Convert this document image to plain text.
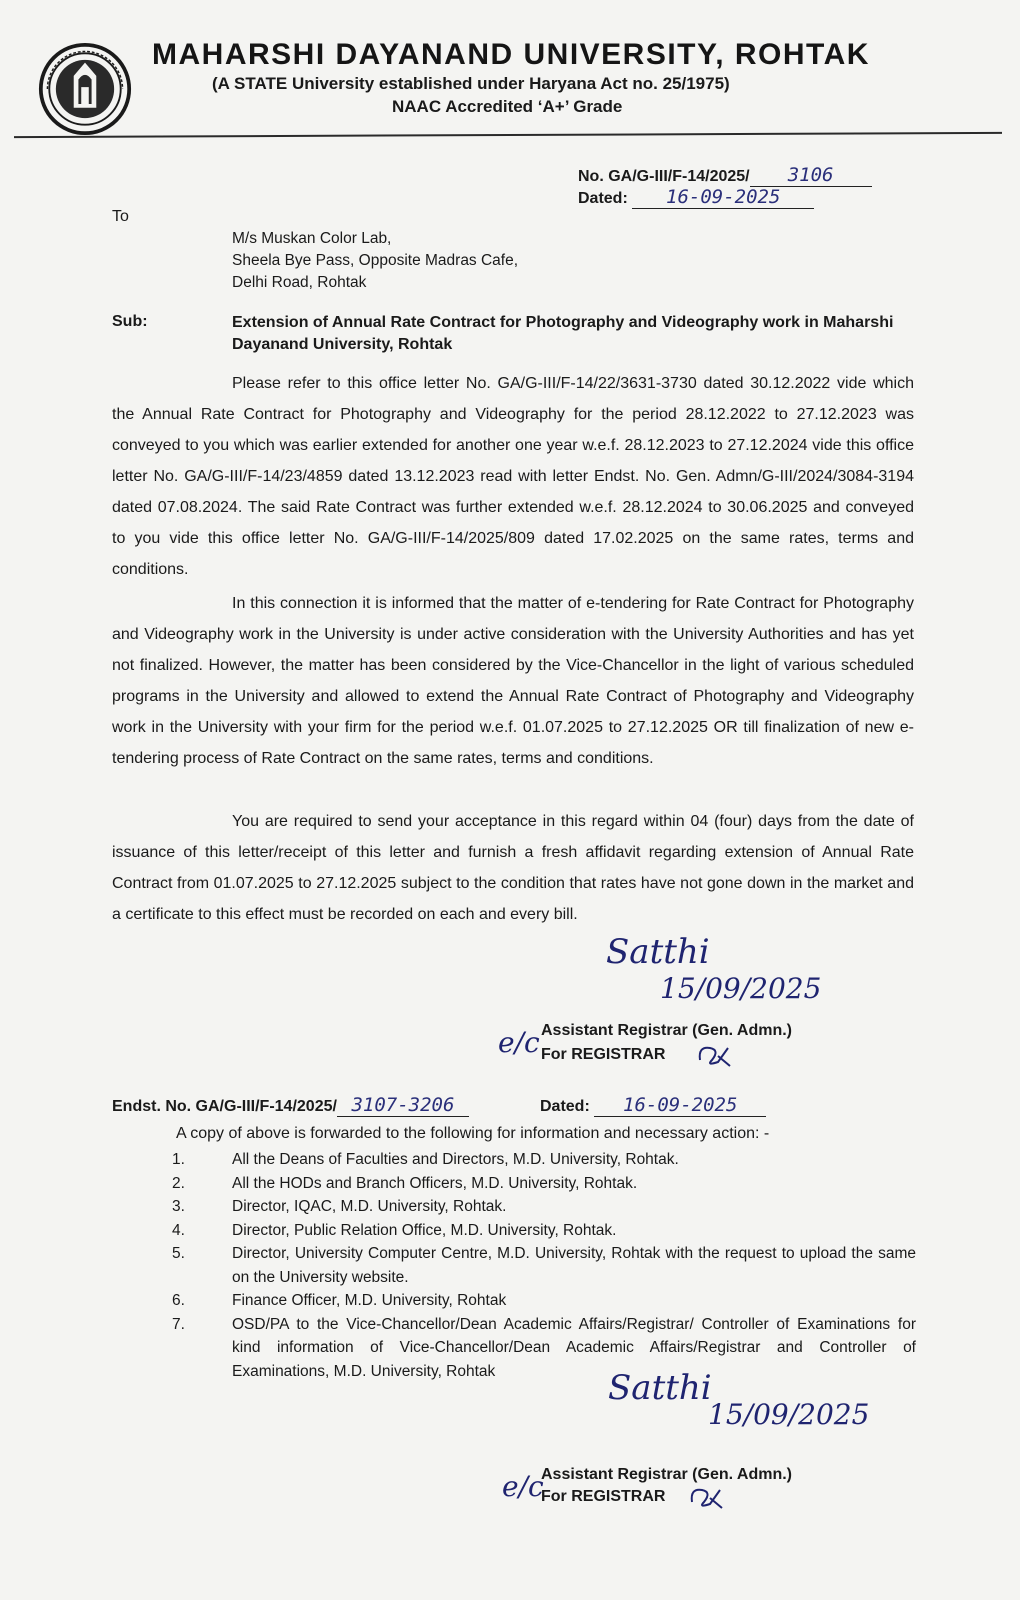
MAHARSHI DAYANAND UNIVERSITY, ROHTAK
(A STATE University established under Haryana Act no. 25/1975)
NAAC Accredited ‘A+’ Grade
No. GA/G-III/F-14/2025/ 3106
Dated: 16-09-2025
To
M/s Muskan Color Lab,
Sheela Bye Pass, Opposite Madras Cafe,
Delhi Road, Rohtak
Sub:	Extension of Annual Rate Contract for Photography and Videography work in Maharshi Dayanand University, Rohtak
Please refer to this office letter No. GA/G-III/F-14/22/3631-3730 dated 30.12.2022 vide which the Annual Rate Contract for Photography and Videography for the period 28.12.2022 to 27.12.2023 was conveyed to you which was earlier extended for another one year w.e.f. 28.12.2023 to 27.12.2024 vide this office letter No. GA/G-III/F-14/23/4859 dated 13.12.2023 read with letter Endst. No. Gen. Admn/G-III/2024/3084-3194 dated 07.08.2024. The said Rate Contract was further extended w.e.f. 28.12.2024 to 30.06.2025 and conveyed to you vide this office letter No. GA/G-III/F-14/2025/809 dated 17.02.2025 on the same rates, terms and conditions.
In this connection it is informed that the matter of e-tendering for Rate Contract for Photography and Videography work in the University is under active consideration with the University Authorities and has yet not finalized. However, the matter has been considered by the Vice-Chancellor in the light of various scheduled programs in the University and allowed to extend the Annual Rate Contract of Photography and Videography work in the University with your firm for the period w.e.f. 01.07.2025 to 27.12.2025 OR till finalization of new e-tendering process of Rate Contract on the same rates, terms and conditions.
You are required to send your acceptance in this regard within 04 (four) days from the date of issuance of this letter/receipt of this letter and furnish a fresh affidavit regarding extension of Annual Rate Contract from 01.07.2025 to 27.12.2025 subject to the condition that rates have not gone down in the market and a certificate to this effect must be recorded on each and every bill.
Satthi
15/09/2025
e/c Assistant Registrar (Gen. Admn.)
For REGISTRAR
Endst. No. GA/G-III/F-14/2025/ 3107-3206	Dated: 16-09-2025
A copy of above is forwarded to the following for information and necessary action: -
1.	All the Deans of Faculties and Directors, M.D. University, Rohtak.
2.	All the HODs and Branch Officers, M.D. University, Rohtak.
3.	Director, IQAC, M.D. University, Rohtak.
4.	Director, Public Relation Office, M.D. University, Rohtak.
5.	Director, University Computer Centre, M.D. University, Rohtak with the request to upload the same on the University website.
6.	Finance Officer, M.D. University, Rohtak
7.	OSD/PA to the Vice-Chancellor/Dean Academic Affairs/Registrar/ Controller of Examinations for kind information of Vice-Chancellor/Dean Academic Affairs/Registrar and Controller of Examinations, M.D. University, Rohtak	Satthi
15/09/2025
e/c
Assistant Registrar (Gen. Admn.)
For REGISTRAR
